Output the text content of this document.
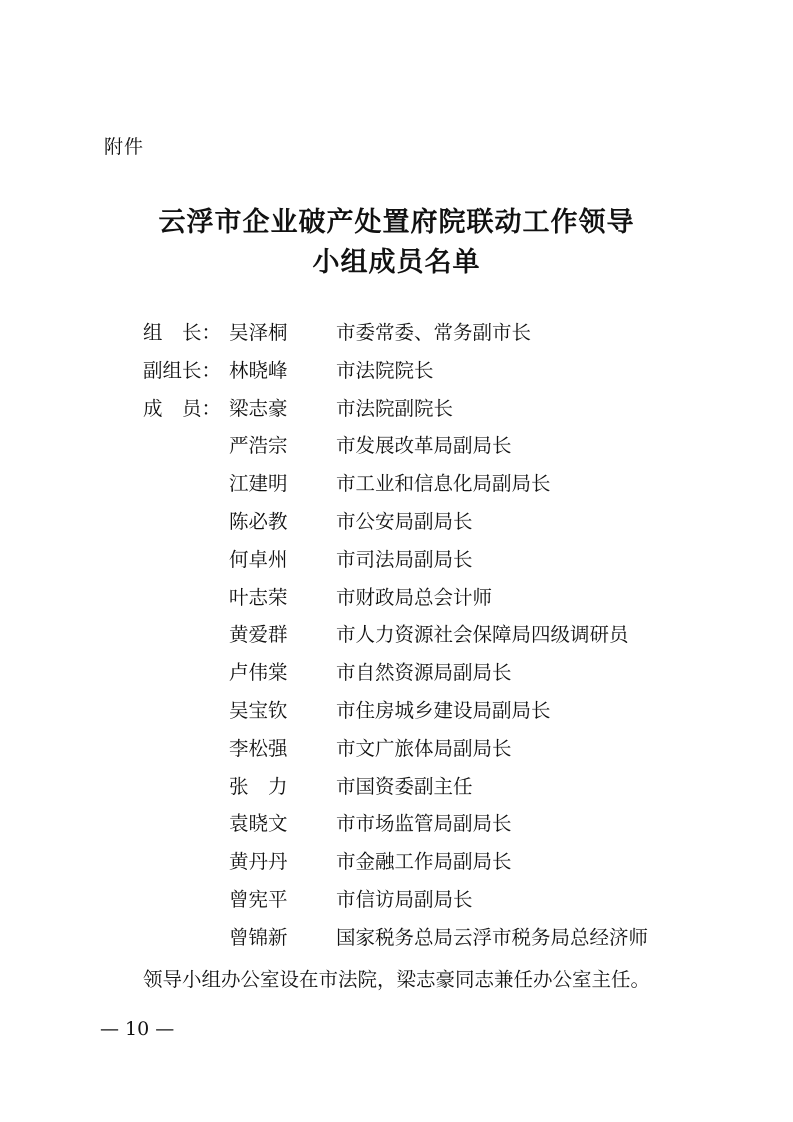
附件
云浮市企业破产处置府院联动工作领导
小组成员名单
组　长： 吴泽桐 市委常委、常务副市长
副组长： 林晓峰 市法院院长
成　员： 梁志豪 市法院副院长
严浩宗 市发展改革局副局长
江建明 市工业和信息化局副局长
陈必教 市公安局副局长
何卓州 市司法局副局长
叶志荣 市财政局总会计师
黄爱群 市人力资源社会保障局四级调研员
卢伟棠 市自然资源局副局长
吴宝钦 市住房城乡建设局副局长
李松强 市文广旅体局副局长
张　力 市国资委副主任
袁晓文 市市场监管局副局长
黄丹丹 市金融工作局副局长
曾宪平 市信访局副局长
曾锦新 国家税务总局云浮市税务局总经济师
领导小组办公室设在市法院，梁志豪同志兼任办公室主任。
— 10 —
